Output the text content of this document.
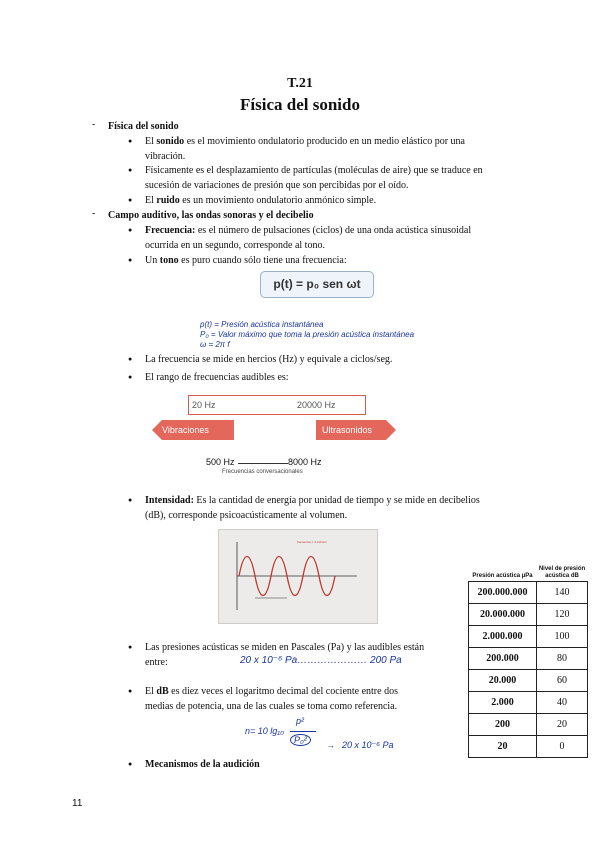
T.21
Física del sonido
- Física del sonido
● El sonido es el movimiento ondulatorio producido en un medio elástico por una
vibración.
● Físicamente es el desplazamiento de partículas (moléculas de aire) que se traduce en
sucesión de variaciones de presión que son percibidas por el oído.
● El ruido es un movimiento ondulatorio anmónico simple.
- Campo auditivo, las ondas sonoras y el decibelio
● Frecuencia: es el número de pulsaciones (ciclos) de una onda acústica sinusoidal
ocurrida en un segundo, corresponde al tono.
● Un tono es puro cuando sólo tiene una frecuencia:
p(t) = p₀ sen ωt
p(t) = Presión acústica instantánea
P₀ = Valor máximo que toma la presión acústica instantánea
ω = 2π f
● La frecuencia se mide en hercios (Hz) y equivale a ciclos/seg.
● El rango de frecuencias audibles es:
20 Hz	20000 Hz
Vibraciones	Ultrasonidos
500 Hz	8000 Hz
Frecuencias conversacionales
● Intensidad: Es la cantidad de energía por unidad de tiempo y se mide en decibelios
(dB), corresponde psicoacústicamente al volumen.
frecuencia = 4 ciclos/s
● Las presiones acústicas se miden en Pascales (Pa) y las audibles están
entre:	20 x 10⁻⁶ Pa………………… 200 Pa
● El dB es diez veces el logaritmo decimal del cociente entre dos
medias de potencia, una de las cuales se toma como referencia.
n= 10 lg₁₀
p²
P₀²	→ 20 x 10⁻⁶ Pa
● Mecanismos de la audición
Presión acústica µPa	Nivel de presión acústica dB
200.000.000	140
20.000.000	120
2.000.000	100
200.000	80
20.000	60
2.000	40
200	20
20	0
11
